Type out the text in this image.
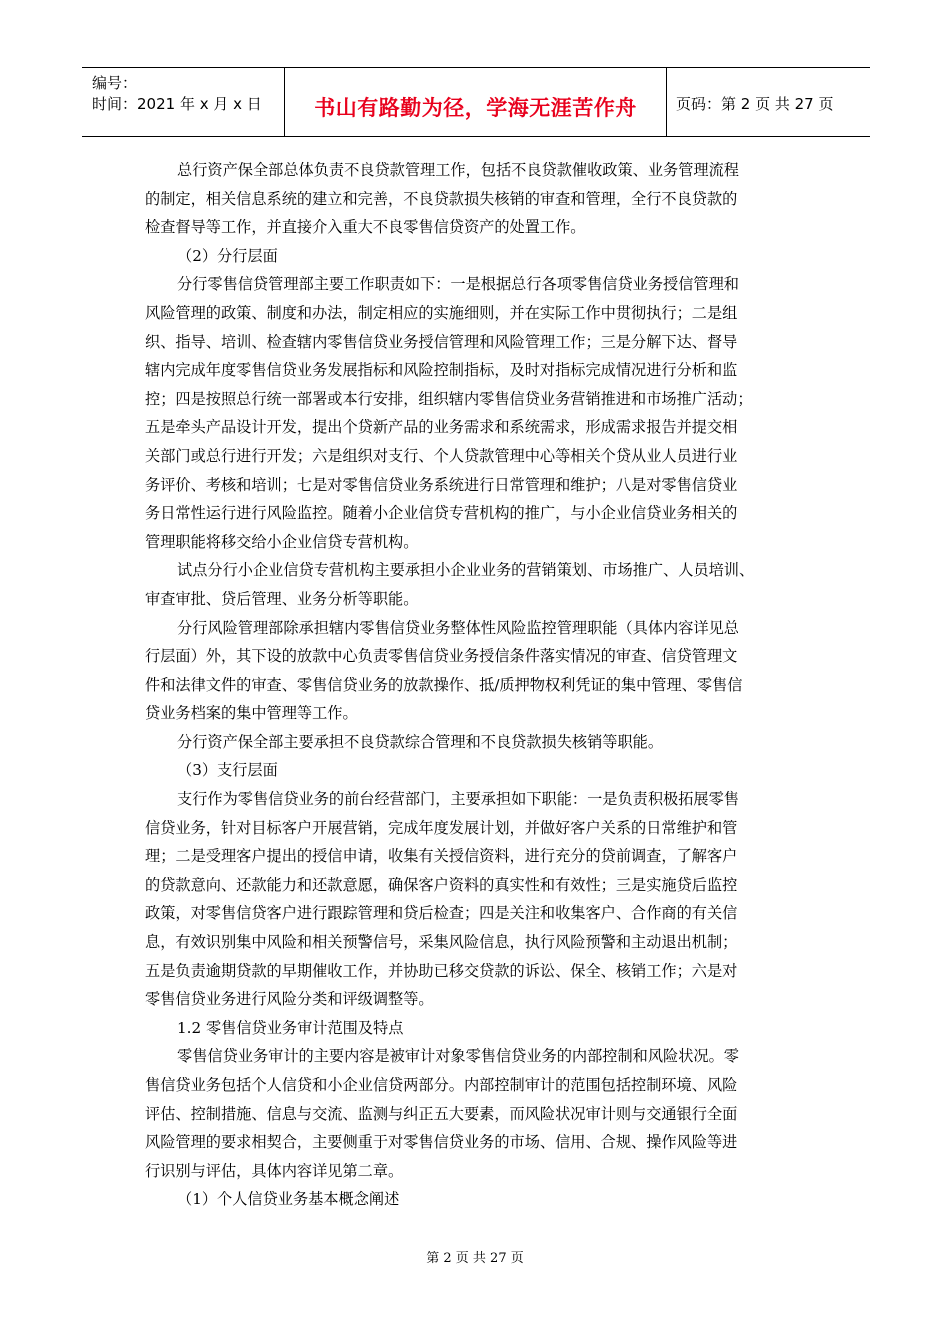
编号：
时间：2021 年 x 月 x 日	书山有路勤为径，学海无涯苦作舟	页码：第 2 页 共 27 页
总行资产保全部总体负责不良贷款管理工作，包括不良贷款催收政策、业务管理流程
的制定，相关信息系统的建立和完善，不良贷款损失核销的审查和管理，全行不良贷款的
检查督导等工作，并直接介入重大不良零售信贷资产的处置工作。
（2）分行层面
分行零售信贷管理部主要工作职责如下：一是根据总行各项零售信贷业务授信管理和
风险管理的政策、制度和办法，制定相应的实施细则，并在实际工作中贯彻执行；二是组
织、指导、培训、检查辖内零售信贷业务授信管理和风险管理工作；三是分解下达、督导
辖内完成年度零售信贷业务发展指标和风险控制指标，及时对指标完成情况进行分析和监
控；四是按照总行统一部署或本行安排，组织辖内零售信贷业务营销推进和市场推广活动；
五是牵头产品设计开发，提出个贷新产品的业务需求和系统需求，形成需求报告并提交相
关部门或总行进行开发；六是组织对支行、个人贷款管理中心等相关个贷从业人员进行业
务评价、考核和培训；七是对零售信贷业务系统进行日常管理和维护；八是对零售信贷业
务日常性运行进行风险监控。随着小企业信贷专营机构的推广，与小企业信贷业务相关的
管理职能将移交给小企业信贷专营机构。
试点分行小企业信贷专营机构主要承担小企业业务的营销策划、市场推广、人员培训、
审查审批、贷后管理、业务分析等职能。
分行风险管理部除承担辖内零售信贷业务整体性风险监控管理职能（具体内容详见总
行层面）外，其下设的放款中心负责零售信贷业务授信条件落实情况的审查、信贷管理文
件和法律文件的审查、零售信贷业务的放款操作、抵/质押物权利凭证的集中管理、零售信
贷业务档案的集中管理等工作。
分行资产保全部主要承担不良贷款综合管理和不良贷款损失核销等职能。
（3）支行层面
支行作为零售信贷业务的前台经营部门，主要承担如下职能：一是负责积极拓展零售
信贷业务，针对目标客户开展营销，完成年度发展计划，并做好客户关系的日常维护和管
理；二是受理客户提出的授信申请，收集有关授信资料，进行充分的贷前调查，了解客户
的贷款意向、还款能力和还款意愿，确保客户资料的真实性和有效性；三是实施贷后监控
政策，对零售信贷客户进行跟踪管理和贷后检查；四是关注和收集客户、合作商的有关信
息，有效识别集中风险和相关预警信号，采集风险信息，执行风险预警和主动退出机制；
五是负责逾期贷款的早期催收工作，并协助已移交贷款的诉讼、保全、核销工作；六是对
零售信贷业务进行风险分类和评级调整等。
1.2 零售信贷业务审计范围及特点
零售信贷业务审计的主要内容是被审计对象零售信贷业务的内部控制和风险状况。零
售信贷业务包括个人信贷和小企业信贷两部分。内部控制审计的范围包括控制环境、风险
评估、控制措施、信息与交流、监测与纠正五大要素，而风险状况审计则与交通银行全面
风险管理的要求相契合，主要侧重于对零售信贷业务的市场、信用、合规、操作风险等进
行识别与评估，具体内容详见第二章。
（1）个人信贷业务基本概念阐述
第 2 页 共 27 页
